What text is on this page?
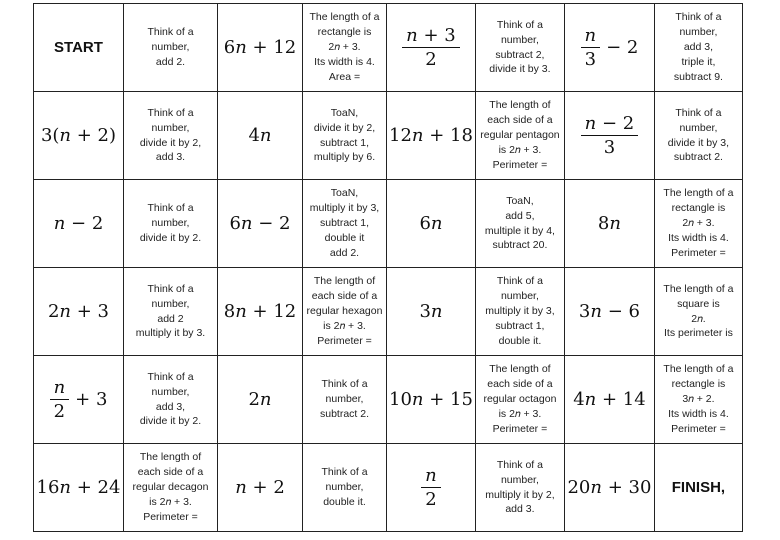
START	Think of a
number,
add 2.	6𝑛 + 12	The length of a
rectangle is
2𝑛 + 3.
Its width is 4.
Area =	$\frac{\text{𝑛 + 3}}{2}$	Think of a
number,
subtract 2,
divide it by 3.	$\frac{\text{𝑛}}{3} - 2$	Think of a
number,
add 3,
triple it,
subtract 9.

3(𝑛 + 2)	Think of a
number,
divide it by 2,
add 3.	4𝑛	ToaN,
divide it by 2,
subtract 1,
multiply by 6.	12𝑛 + 18	The length of
each side of a
regular pentagon
is 2𝑛 + 3.
Perimeter =	$\frac{\text{𝑛 − 2}}{3}$	Think of a
number,
divide it by 3,
subtract 2.

𝑛 − 2	Think of a
number,
divide it by 2.	6𝑛 − 2	ToaN,
multiply it by 3,
subtract 1,
double it
add 2.	6𝑛	ToaN,
add 5,
multiple it by 4,
subtract 20.	8𝑛	The length of a
rectangle is
2𝑛 + 3.
Its width is 4.
Perimeter =

2𝑛 + 3	Think of a
number,
add 2
multiply it by 3.	8𝑛 + 12	The length of
each side of a
regular hexagon
is 2𝑛 + 3.
Perimeter =	3𝑛	Think of a
number,
multiply it by 3,
subtract 1,
double it.	3𝑛 − 6	The length of a
square is
2𝑛.
Its perimeter is

$\frac{\text{𝑛}}{2} + 3$	Think of a
number,
add 3,
divide it by 2.	2𝑛	Think of a
number,
subtract 2.	10𝑛 + 15	The length of
each side of a
regular octagon
is 2𝑛 + 3.
Perimeter =	4𝑛 + 14	The length of a
rectangle is
3𝑛 + 2.
Its width is 4.
Perimeter =

16𝑛 + 24	The length of
each side of a
regular decagon
is 2𝑛 + 3.
Perimeter =	𝑛 + 2	Think of a
number,
double it.	$\frac{\text{𝑛}}{2}$	Think of a
number,
multiply it by 2,
add 3.	20𝑛 + 30	FINISH,
